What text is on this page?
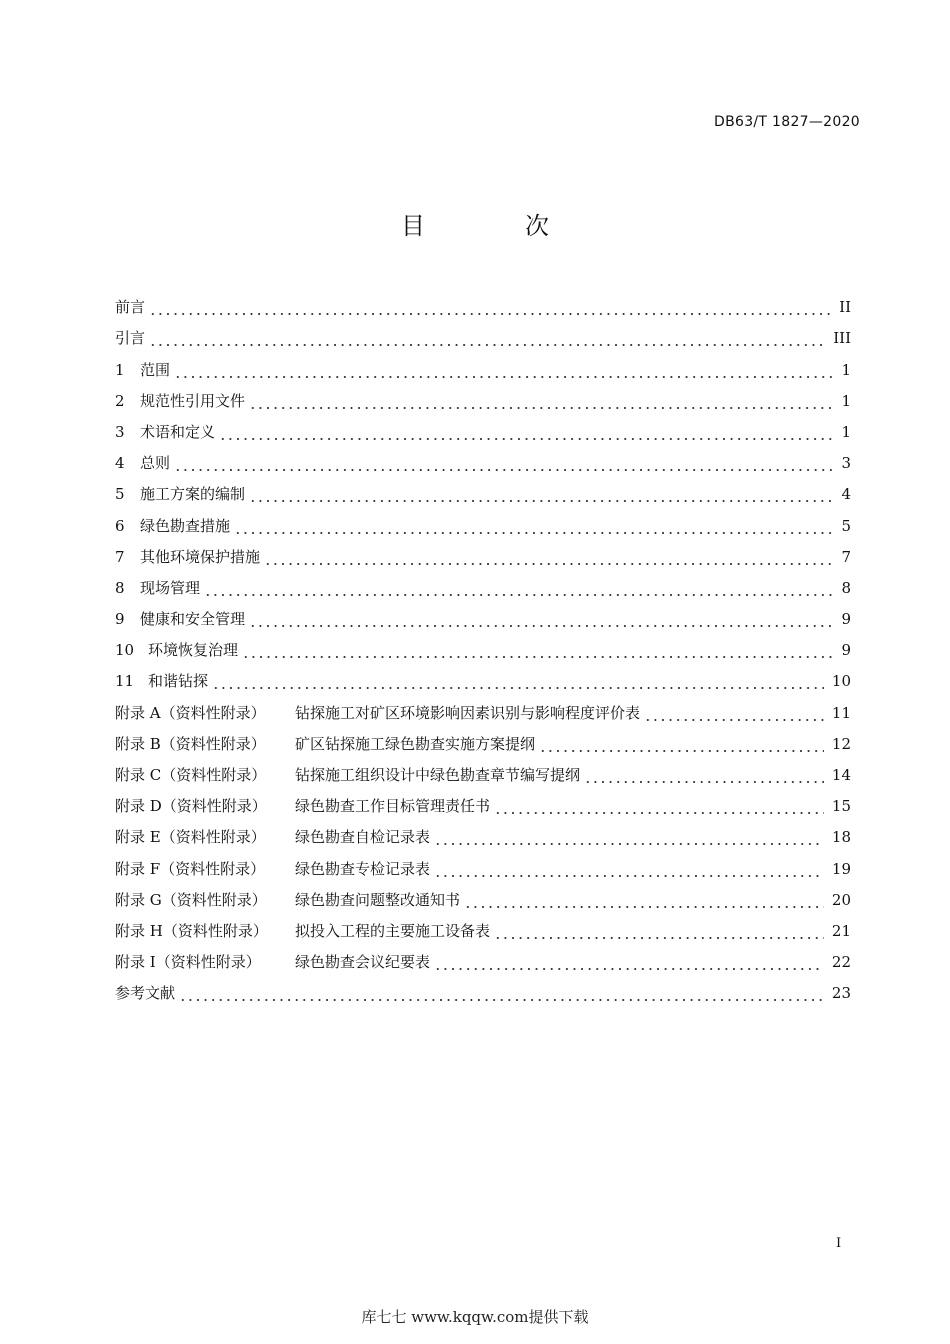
DB63/T 1827—2020
目　次
前言	II
引言	III
1	范围	1
2	规范性引用文件	1
3	术语和定义	1
4	总则	3
5	施工方案的编制	4
6	绿色勘查措施	5
7	其他环境保护措施	7
8	现场管理	8
9	健康和安全管理	9
10 环境恢复治理	9
11 和谐钻探	10
附录 A（资料性附录）	钻探施工对矿区环境影响因素识别与影响程度评价表	11
附录 B（资料性附录）	矿区钻探施工绿色勘查实施方案提纲	12
附录 C（资料性附录）	钻探施工组织设计中绿色勘查章节编写提纲	14
附录 D（资料性附录）	绿色勘查工作目标管理责任书	15
附录 E（资料性附录）	绿色勘查自检记录表	18
附录 F（资料性附录）	绿色勘查专检记录表	19
附录 G（资料性附录）	绿色勘查问题整改通知书	20
附录 H（资料性附录）	拟投入工程的主要施工设备表	21
附录 I（资料性附录）	绿色勘查会议纪要表	22
参考文献	23
I
库七七 www.kqqw.com提供下载
